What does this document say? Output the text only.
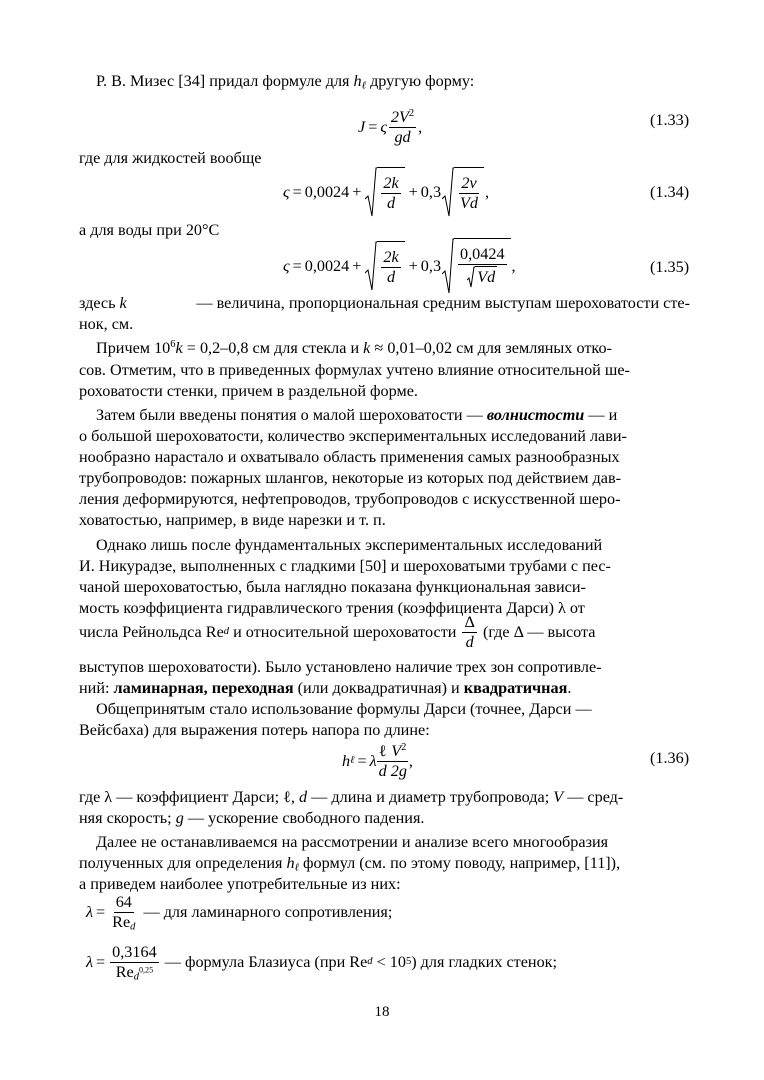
Р. В. Мизес [34] придал формуле для $h_\ell$ другую форму:
J = ς $\frac{2V^2}{gd}$ ,	(1.33)
где для жидкостей вообще
$\varsigma = 0,0024 + \frac{2k}{d} + 0,3 \frac{2\nu}{Vd}$ ,	(1.34)
а для воды при 20°С
$\varsigma = 0,0024 + \frac{2k}{d} + 0,3 \frac{0,0424}{Vd}$ ,	(1.35)
здесь k	— величина, пропорциональная средним выступам шероховатости сте-
нок, см.
Причем $10^6k = 0,2-0,8$ см для стекла и k ≈ 0,01–0,02 см для земляных отко-
сов. Отметим, что в приведенных формулах учтено влияние относительной ше-
роховатости стенки, причем в раздельной форме.
Затем были введены понятия о малой шероховатости — волнистости — и
о большой шероховатости, количество экспериментальных исследований лави-
нообразно нарастало и охватывало область применения самых разнообразных
трубопроводов: пожарных шлангов, некоторые из которых под действием дав-
ления деформируются, нефтепроводов, трубопроводов с искусственной шеро-
ховатостью, например, в виде нарезки и т. п.
Однако лишь после фундаментальных экспериментальных исследований
И. Никурадзе, выполненных с гладкими [50] и шероховатыми трубами с пес-
чаной шероховатостью, была наглядно показана функциональная зависи-
мость коэффициента гидравлического трения (коэффициента Дарси) λ от
числа Рейнольдса Re d и относительной шероховатости $\frac{\Delta}{d} (где$ Δ — высота
выступов шероховатости). Было установлено наличие трех зон сопротивле-
ний: ламинарная, переходная (или доквадратичная) и квадратичная.
Общепринятым стало использование формулы Дарси (точнее, Дарси —
Вейсбаха) для выражения потерь напора по длине:
h ℓ = λ $\frac{\text{ℓ}}{d} \frac{V^2}{2g}$ ,	(1.36)
где λ — коэффициент Дарси; ℓ, d — длина и диаметр трубопровода; V — сред-
няя скорость; g — ускорение свободного падения.
Далее не останавливаемся на рассмотрении и анализе всего многообразия
полученных для определения $h_\ell$ формул (см. по этому поводу, например, [11]),
а приведем наиболее употребительные из них:
$\lambda = \frac{64}{Re_d}$ — для ламинарного сопротивления;
$\lambda = \frac{0,3164}{Re_d^{0,25}}$ — формула Блазиуса (при Re d < 10 5 ) для гладких стенок;
18
